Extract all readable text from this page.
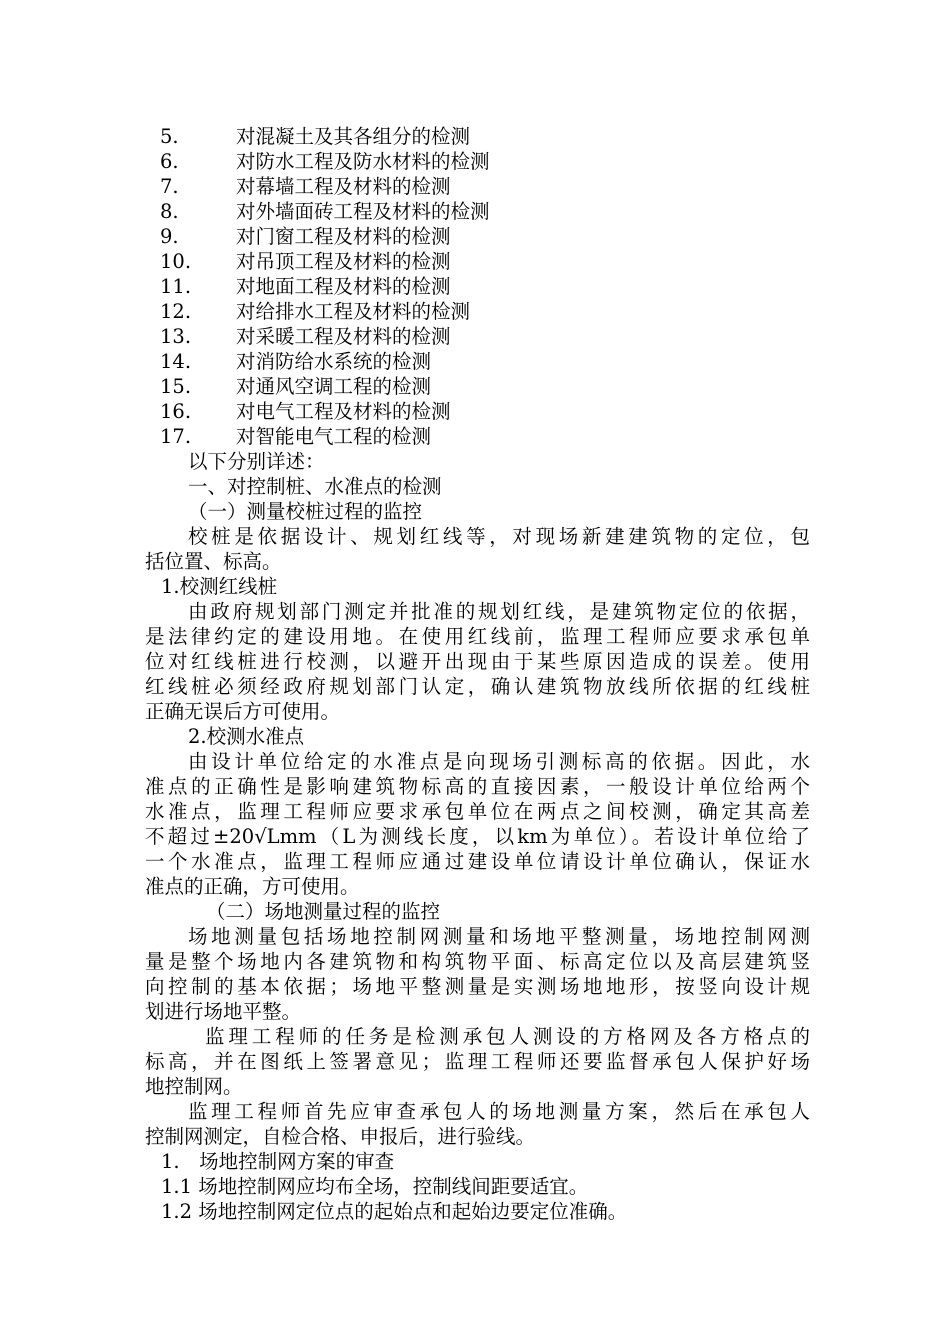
5.	对混凝土及其各组分的检测
6.	对防水工程及防水材料的检测
7.	对幕墙工程及材料的检测
8.	对外墙面砖工程及材料的检测
9.	对门窗工程及材料的检测
10. 对吊顶工程及材料的检测
11. 对地面工程及材料的检测
12. 对给排水工程及材料的检测
13. 对采暖工程及材料的检测
14. 对消防给水系统的检测
15. 对通风空调工程的检测
16. 对电气工程及材料的检测
17. 对智能电气工程的检测
以下分别详述：
一、对控制桩、水准点的检测
（一）测量校桩过程的监控
校桩是依据设计、规划红线等，对现场新建建筑物的定位，包
括位置、标高。
1.校测红线桩
由政府规划部门测定并批准的规划红线，是建筑物定位的依据，
是法律约定的建设用地。在使用红线前，监理工程师应要求承包单
位对红线桩进行校测，以避开出现由于某些原因造成的误差。使用
红线桩必须经政府规划部门认定，确认建筑物放线所依据的红线桩
正确无误后方可使用。
2.校测水准点
由设计单位给定的水准点是向现场引测标高的依据。因此，水
准点的正确性是影响建筑物标高的直接因素，一般设计单位给两个
水准点，监理工程师应要求承包单位在两点之间校测，确定其高差
不超过±20√Lmm（L为测线长度，以km为单位）。若设计单位给了
一个水准点，监理工程师应通过建设单位请设计单位确认，保证水
准点的正确，方可使用。
（二）场地测量过程的监控
场地测量包括场地控制网测量和场地平整测量，场地控制网测
量是整个场地内各建筑物和构筑物平面、标高定位以及高层建筑竖
向控制的基本依据；场地平整测量是实测场地地形，按竖向设计规
划进行场地平整。
监理工程师的任务是检测承包人测设的方格网及各方格点的
标高，并在图纸上签署意见；监理工程师还要监督承包人保护好场
地控制网。
监理工程师首先应审查承包人的场地测量方案，然后在承包人
控制网测定，自检合格、申报后，进行验线。
1.　场地控制网方案的审查
1.1 场地控制网应均布全场，控制线间距要适宜。
1.2 场地控制网定位点的起始点和起始边要定位准确。
